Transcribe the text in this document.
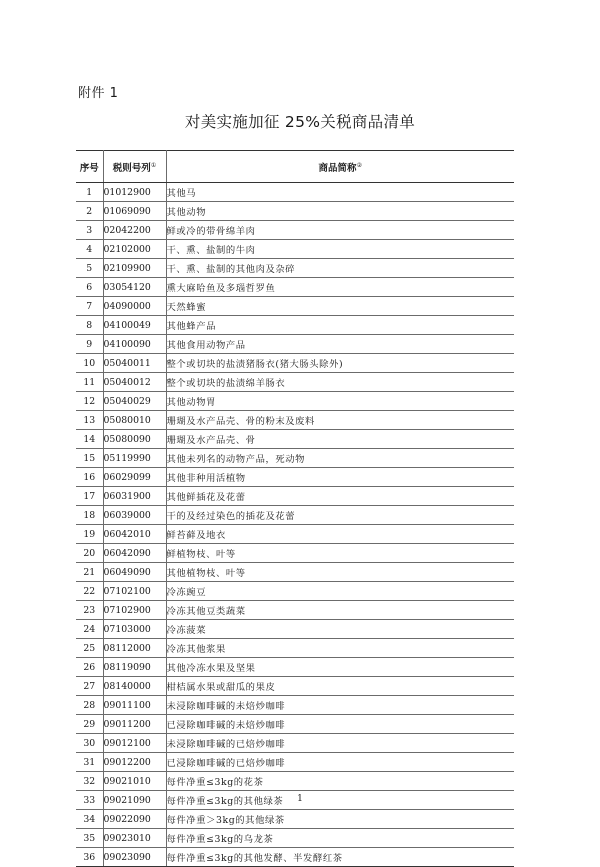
附件 1
对美实施加征 25%关税商品清单
序号	税则号列①	商品简称②
1	01012900	其他马
2	01069090	其他动物
3	02042200	鲜或冷的带骨绵羊肉
4	02102000	干、熏、盐制的牛肉
5	02109900	干、熏、盐制的其他肉及杂碎
6	03054120	熏大麻哈鱼及多瑙哲罗鱼
7	04090000	天然蜂蜜
8	04100049	其他蜂产品
9	04100090	其他食用动物产品
10	05040011	整个或切块的盐渍猪肠衣(猪大肠头除外)
11	05040012	整个或切块的盐渍绵羊肠衣
12	05040029	其他动物胃
13	05080010	珊瑚及水产品壳、骨的粉末及废料
14	05080090	珊瑚及水产品壳、骨
15	05119990	其他未列名的动物产品，死动物
16	06029099	其他非种用活植物
17	06031900	其他鲜插花及花蕾
18	06039000	干的及经过染色的插花及花蕾
19	06042010	鲜苔藓及地衣
20	06042090	鲜植物枝、叶等
21	06049090	其他植物枝、叶等
22	07102100	冷冻豌豆
23	07102900	冷冻其他豆类蔬菜
24	07103000	冷冻菠菜
25	08112000	冷冻其他浆果
26	08119090	其他冷冻水果及坚果
27	08140000	柑桔属水果或甜瓜的果皮
28	09011100	未浸除咖啡碱的未焙炒咖啡
29	09011200	已浸除咖啡碱的未焙炒咖啡
30	09012100	未浸除咖啡碱的已焙炒咖啡
31	09012200	已浸除咖啡碱的已焙炒咖啡
32	09021010	每件净重≤3kg的花茶
33	09021090	每件净重≤3kg的其他绿茶
34	09022090	每件净重＞3kg的其他绿茶
35	09023010	每件净重≤3kg的乌龙茶
36	09023090	每件净重≤3kg的其他发酵、半发酵红茶
1
